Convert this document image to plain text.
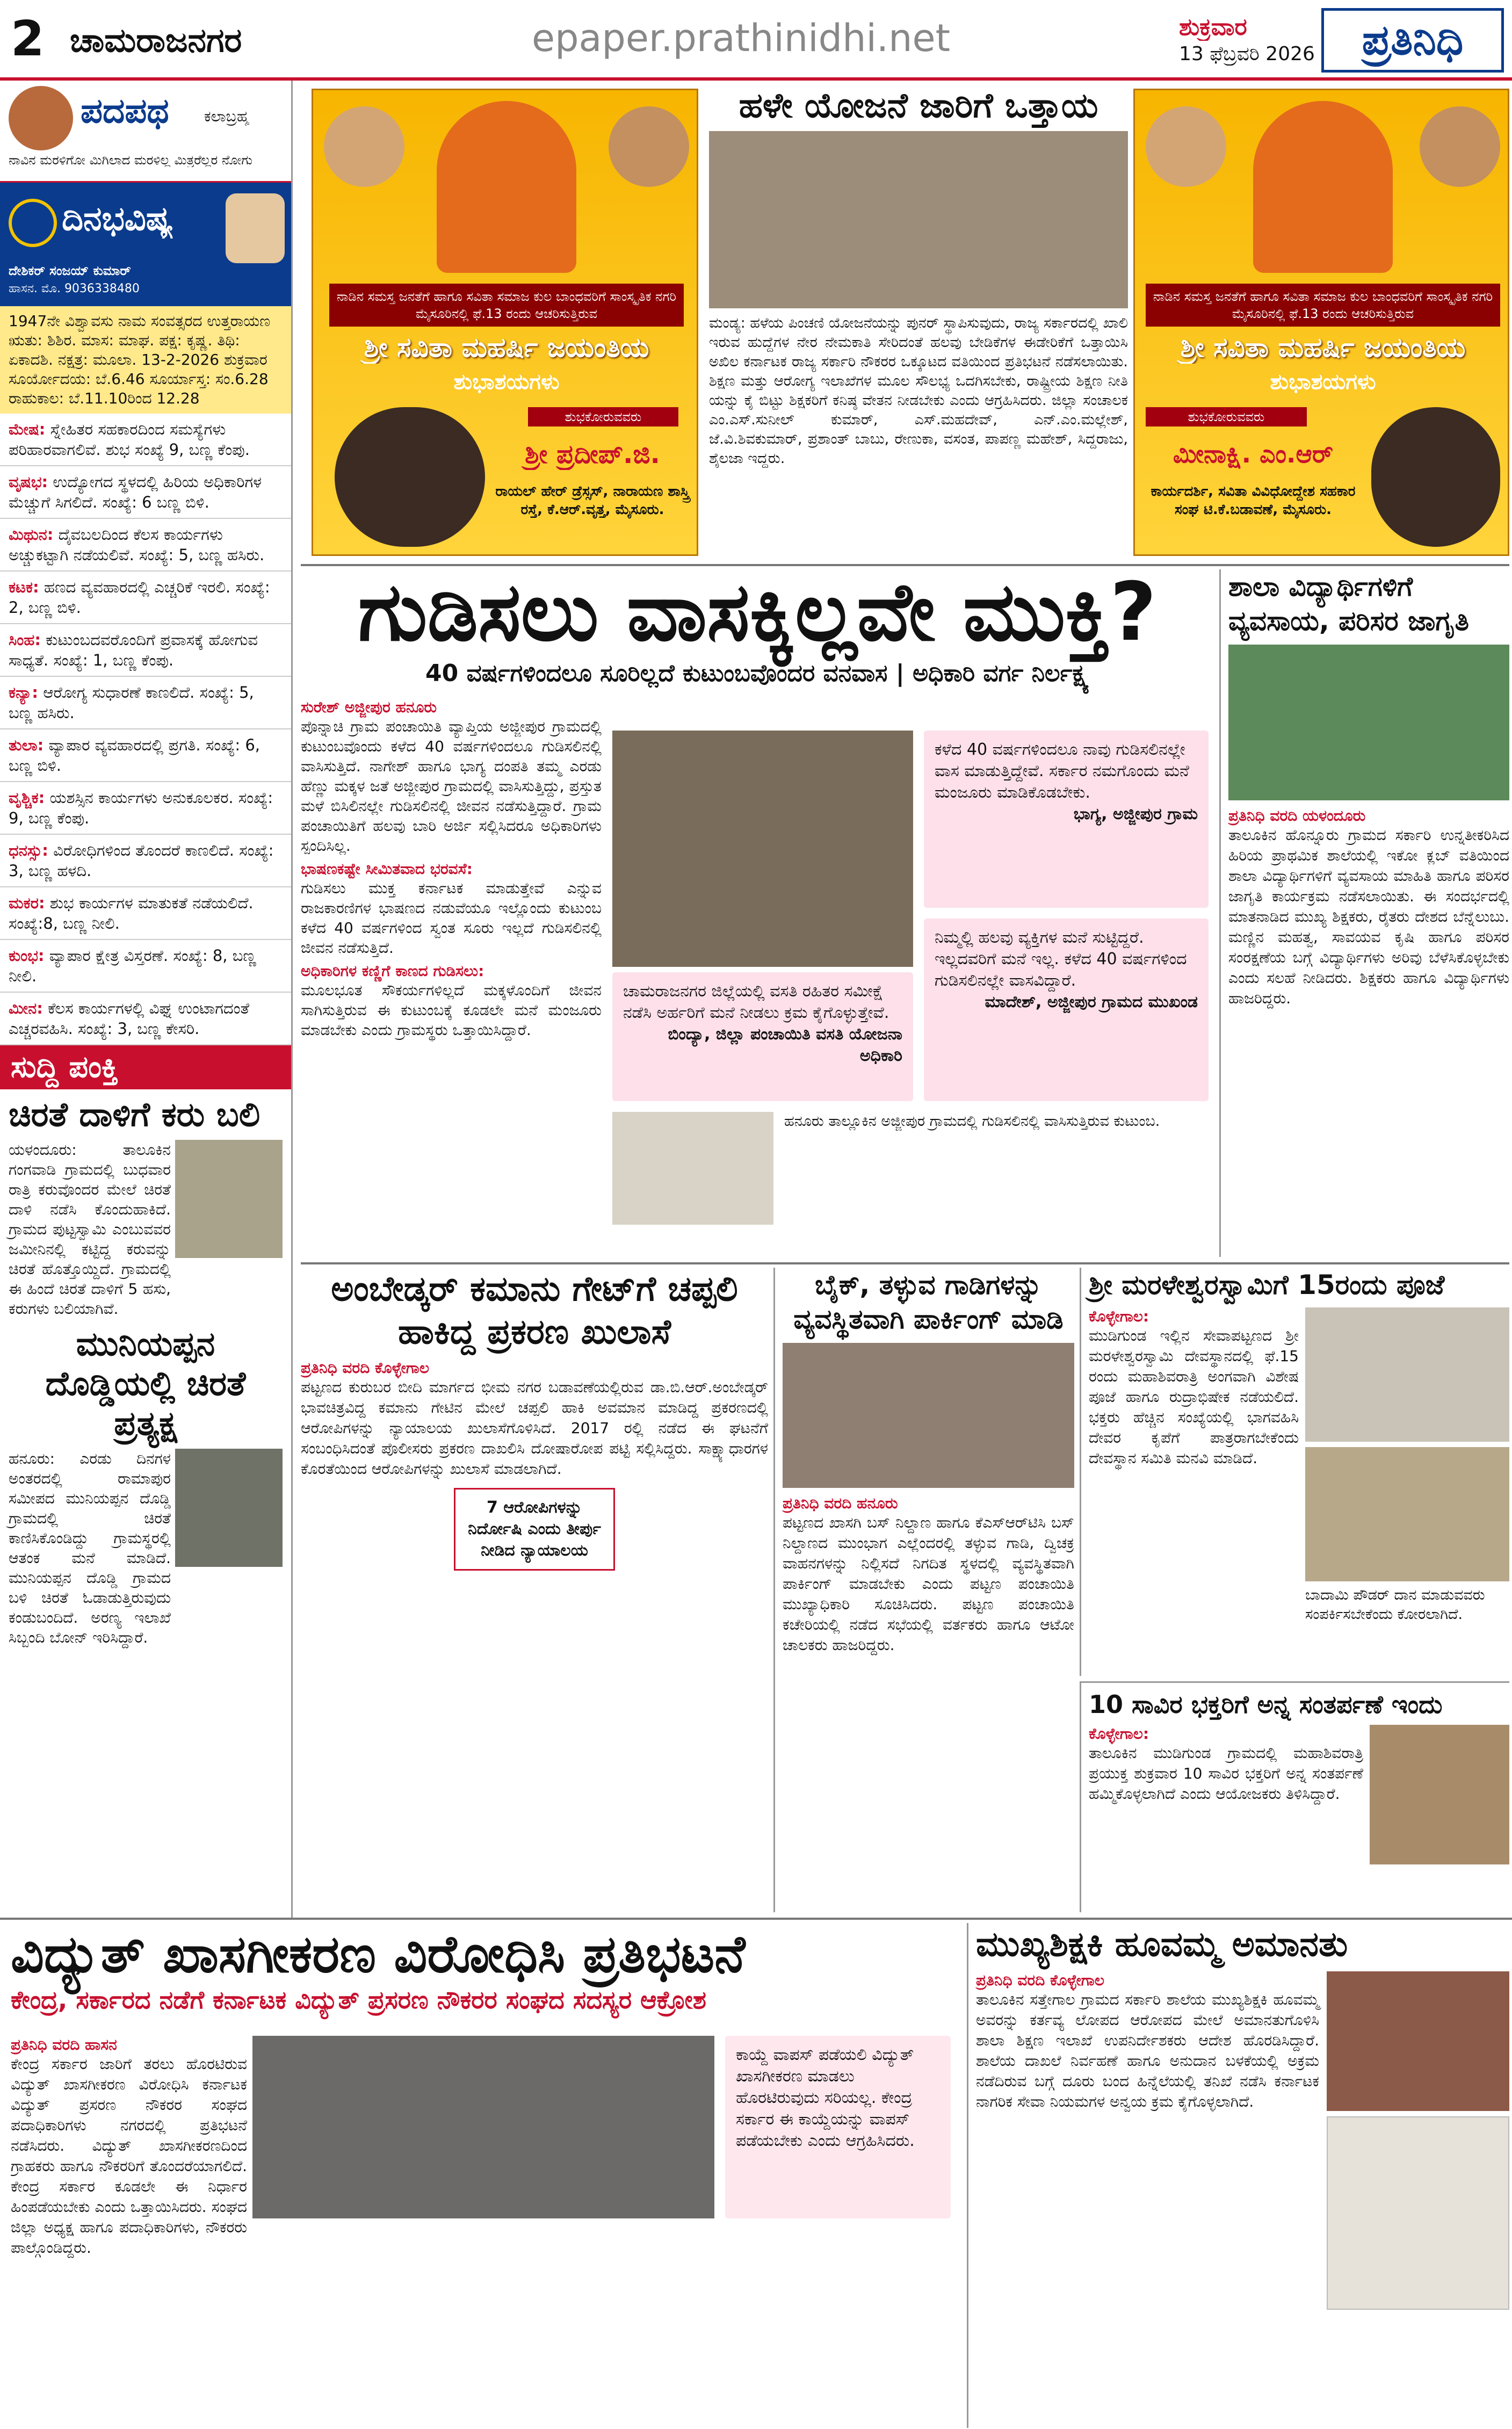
2 ಚಾಮರಾಜನಗರ	epaper.prathinidhi.net	ಶುಕ್ರವಾರ
13 ಫೆಬ್ರವರಿ 2026	ಪ್ರತಿನಿಧಿ
ಪದಪಥ ಕಲಾಬ್ರಹ್ಮ
ನಾವಿನ ಮರಳಿಗೋ ಮಿಗಿಲಾದ ಮರಳಿಲ್ಲ ಮಿತ್ರರೆಲ್ಲರ ನೋಗು
ದಿನಭವಿಷ್ಯ
ದೇಶಿಕರ್ ಸಂಜಯ್ ಕುಮಾರ್
ಹಾಸನ. ಮೊ. 9036338480
1947ನೇ ವಿಶ್ವಾವಸು ನಾಮ ಸಂವತ್ಸರದ ಉತ್ತರಾಯಣ ಋತು: ಶಿಶಿರ. ಮಾಸ: ಮಾಘ. ಪಕ್ಷ: ಕೃಷ್ಣ. ತಿಥಿ: ಏಕಾದಶಿ. ನಕ್ಷತ್ರ: ಮೂಲಾ. 13-2-2026 ಶುಕ್ರವಾರ ಸೂರ್ಯೋದಯ: ಬೆ.6.46 ಸೂರ್ಯಾಸ್ತ: ಸಂ.6.28 ರಾಹುಕಾಲ: ಬೆ.11.10ರಿಂದ 12.28
ಮೇಷ: ಸ್ನೇಹಿತರ ಸಹಕಾರದಿಂದ ಸಮಸ್ಯೆಗಳು ಪರಿಹಾರವಾಗಲಿವೆ. ಶುಭ ಸಂಖ್ಯೆ 9, ಬಣ್ಣ ಕೆಂಪು.
ವೃಷಭ: ಉದ್ಯೋಗದ ಸ್ಥಳದಲ್ಲಿ ಹಿರಿಯ ಅಧಿಕಾರಿಗಳ ಮೆಚ್ಚುಗೆ ಸಿಗಲಿದೆ. ಸಂಖ್ಯೆ: 6 ಬಣ್ಣ ಬಿಳಿ.
ಮಿಥುನ: ದೈವಬಲದಿಂದ ಕೆಲಸ ಕಾರ್ಯಗಳು ಅಚ್ಚುಕಟ್ಟಾಗಿ ನಡೆಯಲಿವೆ. ಸಂಖ್ಯೆ: 5, ಬಣ್ಣ ಹಸಿರು.
ಕಟಕ: ಹಣದ ವ್ಯವಹಾರದಲ್ಲಿ ಎಚ್ಚರಿಕೆ ಇರಲಿ. ಸಂಖ್ಯೆ: 2, ಬಣ್ಣ ಬಿಳಿ.
ಸಿಂಹ: ಕುಟುಂಬದವರೊಂದಿಗೆ ಪ್ರವಾಸಕ್ಕೆ ಹೋಗುವ ಸಾಧ್ಯತೆ. ಸಂಖ್ಯೆ: 1, ಬಣ್ಣ ಕೆಂಪು.
ಕನ್ಯಾ: ಆರೋಗ್ಯ ಸುಧಾರಣೆ ಕಾಣಲಿದೆ. ಸಂಖ್ಯೆ: 5, ಬಣ್ಣ ಹಸಿರು.
ತುಲಾ: ವ್ಯಾಪಾರ ವ್ಯವಹಾರದಲ್ಲಿ ಪ್ರಗತಿ. ಸಂಖ್ಯೆ: 6, ಬಣ್ಣ ಬಿಳಿ.
ವೃಶ್ಚಿಕ: ಯಶಸ್ಸಿನ ಕಾರ್ಯಗಳು ಅನುಕೂಲಕರ. ಸಂಖ್ಯೆ: 9, ಬಣ್ಣ ಕೆಂಪು.
ಧನಸ್ಸು: ವಿರೋಧಿಗಳಿಂದ ತೊಂದರೆ ಕಾಣಲಿದೆ. ಸಂಖ್ಯೆ: 3, ಬಣ್ಣ ಹಳದಿ.
ಮಕರ: ಶುಭ ಕಾರ್ಯಗಳ ಮಾತುಕತೆ ನಡೆಯಲಿದೆ. ಸಂಖ್ಯೆ:8, ಬಣ್ಣ ನೀಲಿ.
ಕುಂಭ: ವ್ಯಾಪಾರ ಕ್ಷೇತ್ರ ವಿಸ್ತರಣೆ. ಸಂಖ್ಯೆ: 8, ಬಣ್ಣ ನೀಲಿ.
ಮೀನ: ಕೆಲಸ ಕಾರ್ಯಗಳಲ್ಲಿ ವಿಘ್ನ ಉಂಟಾಗದಂತೆ ಎಚ್ಚರವಹಿಸಿ. ಸಂಖ್ಯೆ: 3, ಬಣ್ಣ ಕೇಸರಿ.
ಸುದ್ದಿ ಪಂಕ್ತಿ
ಚಿರತೆ ದಾಳಿಗೆ ಕರು ಬಲಿ
ಯಳಂದೂರು: ತಾಲೂಕಿನ ಗಂಗವಾಡಿ ಗ್ರಾಮದಲ್ಲಿ ಬುಧವಾರ ರಾತ್ರಿ ಕರುವೊಂದರ ಮೇಲೆ ಚಿರತೆ ದಾಳಿ ನಡೆಸಿ ಕೊಂದುಹಾಕಿದೆ. ಗ್ರಾಮದ ಪುಟ್ಟಸ್ವಾಮಿ ಎಂಬುವವರ ಜಮೀನಿನಲ್ಲಿ ಕಟ್ಟಿದ್ದ ಕರುವನ್ನು ಚಿರತೆ ಹೊತ್ತೊಯ್ದಿದೆ. ಗ್ರಾಮದಲ್ಲಿ ಈ ಹಿಂದೆ ಚಿರತೆ ದಾಳಿಗೆ 5 ಹಸು, ಕರುಗಳು ಬಲಿಯಾಗಿವೆ.
ಮುನಿಯಪ್ಪನ ದೊಡ್ಡಿಯಲ್ಲಿ ಚಿರತೆ ಪ್ರತ್ಯಕ್ಷ
ಹನೂರು: ಎರಡು ದಿನಗಳ ಅಂತರದಲ್ಲಿ ರಾಮಾಪುರ ಸಮೀಪದ ಮುನಿಯಪ್ಪನ ದೊಡ್ಡಿ ಗ್ರಾಮದಲ್ಲಿ ಚಿರತೆ ಕಾಣಿಸಿಕೊಂಡಿದ್ದು ಗ್ರಾಮಸ್ಥರಲ್ಲಿ ಆತಂಕ ಮನೆ ಮಾಡಿದೆ. ಮುನಿಯಪ್ಪನ ದೊಡ್ಡಿ ಗ್ರಾಮದ ಬಳಿ ಚಿರತೆ ಓಡಾಡುತ್ತಿರುವುದು ಕಂಡುಬಂದಿದೆ. ಅರಣ್ಯ ಇಲಾಖೆ ಸಿಬ್ಬಂದಿ ಬೋನ್ ಇರಿಸಿದ್ದಾರೆ.
ನಾಡಿನ ಸಮಸ್ತ ಜನತೆಗೆ ಹಾಗೂ ಸವಿತಾ ಸಮಾಜ ಕುಲ ಬಾಂಧವರಿಗೆ ಸಾಂಸ್ಕೃತಿಕ ನಗರಿ ಮೈಸೂರಿನಲ್ಲಿ ಫೆ.13 ರಂದು ಆಚರಿಸುತ್ತಿರುವ
ಶ್ರೀ ಸವಿತಾ ಮಹರ್ಷಿ ಜಯಂತಿಯ
ಶುಭಾಶಯಗಳು
ಶುಭಕೋರುವವರು
ಶ್ರೀ ಪ್ರದೀಪ್.ಜಿ.
ರಾಯಲ್ ಹೇರ್ ಡ್ರೆಸ್ಸಸ್, ನಾರಾಯಣ ಶಾಸ್ತ್ರಿ ರಸ್ತೆ, ಕೆ.ಆರ್.ವೃತ್ತ, ಮೈಸೂರು.
ಹಳೇ ಯೋಜನೆ ಜಾರಿಗೆ ಒತ್ತಾಯ
ಮಂಡ್ಯ: ಹಳೆಯ ಪಿಂಚಣಿ ಯೋಜನೆಯನ್ನು ಪುನರ್ ಸ್ಥಾಪಿಸುವುದು, ರಾಜ್ಯ ಸರ್ಕಾರದಲ್ಲಿ ಖಾಲಿ ಇರುವ ಹುದ್ದೆಗಳ ನೇರ ನೇಮಕಾತಿ ಸೇರಿದಂತೆ ಹಲವು ಬೇಡಿಕೆಗಳ ಈಡೇರಿಕೆಗೆ ಒತ್ತಾಯಿಸಿ ಅಖಿಲ ಕರ್ನಾಟಕ ರಾಜ್ಯ ಸರ್ಕಾರಿ ನೌಕರರ ಒಕ್ಕೂಟದ ವತಿಯಿಂದ ಪ್ರತಿಭಟನೆ ನಡೆಸಲಾಯಿತು. ಶಿಕ್ಷಣ ಮತ್ತು ಆರೋಗ್ಯ ಇಲಾಖೆಗಳ ಮೂಲ ಸೌಲಭ್ಯ ಒದಗಿಸಬೇಕು, ರಾಷ್ಟ್ರೀಯ ಶಿಕ್ಷಣ ನೀತಿ ಯನ್ನು ಕೈ ಬಿಟ್ಟು ಶಿಕ್ಷಕರಿಗೆ ಕನಿಷ್ಠ ವೇತನ ನೀಡಬೇಕು ಎಂದು ಆಗ್ರಹಿಸಿದರು. ಜಿಲ್ಲಾ ಸಂಚಾಲಕ ಎಂ.ಎಸ್.ಸುನೀಲ್ ಕುಮಾರ್, ಎಸ್.ಮಹದೇವ್, ಎನ್.ಎಂ.ಮಲ್ಲೇಶ್, ಜೆ.ವಿ.ಶಿವಕುಮಾರ್, ಪ್ರಶಾಂತ್ ಬಾಬು, ರೇಣುಕಾ, ವಸಂತ, ಪಾಪಣ್ಣ ಮಹೇಶ್, ಸಿದ್ದರಾಜು, ಶೈಲಜಾ ಇದ್ದರು.
ನಾಡಿನ ಸಮಸ್ತ ಜನತೆಗೆ ಹಾಗೂ ಸವಿತಾ ಸಮಾಜ ಕುಲ ಬಾಂಧವರಿಗೆ ಸಾಂಸ್ಕೃತಿಕ ನಗರಿ ಮೈಸೂರಿನಲ್ಲಿ ಫೆ.13 ರಂದು ಆಚರಿಸುತ್ತಿರುವ
ಶ್ರೀ ಸವಿತಾ ಮಹರ್ಷಿ ಜಯಂತಿಯ
ಶುಭಾಶಯಗಳು
ಶುಭಕೋರುವವರು
ಮೀನಾಕ್ಷಿ. ಎಂ.ಆರ್
ಕಾರ್ಯದರ್ಶಿ, ಸವಿತಾ ವಿವಿಧೋದ್ದೇಶ ಸಹಕಾರ ಸಂಘ ಟಿ.ಕೆ.ಬಡಾವಣೆ, ಮೈಸೂರು.
ಗುಡಿಸಲು ವಾಸಕ್ಕಿಲ್ಲವೇ ಮುಕ್ತಿ?
40 ವರ್ಷಗಳಿಂದಲೂ ಸೂರಿಲ್ಲದೆ ಕುಟುಂಬವೊಂದರ ವನವಾಸ | ಅಧಿಕಾರಿ ವರ್ಗ ನಿರ್ಲಕ್ಷ್ಯ
ಸುರೇಶ್ ಅಜ್ಜೀಪುರ ಹನೂರು
ಪೊನ್ನಾಚಿ ಗ್ರಾಮ ಪಂಚಾಯಿತಿ ವ್ಯಾಪ್ತಿಯ ಅಜ್ಜೀಪುರ ಗ್ರಾಮದಲ್ಲಿ ಕುಟುಂಬವೊಂದು ಕಳೆದ 40 ವರ್ಷಗಳಿಂದಲೂ ಗುಡಿಸಲಿನಲ್ಲಿ ವಾಸಿಸುತ್ತಿದೆ. ನಾಗೇಶ್ ಹಾಗೂ ಭಾಗ್ಯ ದಂಪತಿ ತಮ್ಮ ಎರಡು ಹೆಣ್ಣು ಮಕ್ಕಳ ಜತೆ ಅಜ್ಜೀಪುರ ಗ್ರಾಮದಲ್ಲಿ ವಾಸಿಸುತ್ತಿದ್ದು, ಪ್ರಸ್ತುತ ಮಳೆ ಬಿಸಿಲಿನಲ್ಲೇ ಗುಡಿಸಲಿನಲ್ಲಿ ಜೀವನ ನಡೆಸುತ್ತಿದ್ದಾರೆ. ಗ್ರಾಮ ಪಂಚಾಯಿತಿಗೆ ಹಲವು ಬಾರಿ ಅರ್ಜಿ ಸಲ್ಲಿಸಿದರೂ ಅಧಿಕಾರಿಗಳು ಸ್ಪಂದಿಸಿಲ್ಲ.
ಭಾಷಣಕಷ್ಟೇ ಸೀಮಿತವಾದ ಭರವಸೆ:
ಗುಡಿಸಲು ಮುಕ್ತ ಕರ್ನಾಟಕ ಮಾಡುತ್ತೇವೆ ಎನ್ನುವ ರಾಜಕಾರಣಿಗಳ ಭಾಷಣದ ನಡುವೆಯೂ ಇಲ್ಲೊಂದು ಕುಟುಂಬ ಕಳೆದ 40 ವರ್ಷಗಳಿಂದ ಸ್ವಂತ ಸೂರು ಇಲ್ಲದೆ ಗುಡಿಸಲಿನಲ್ಲಿ ಜೀವನ ನಡೆಸುತ್ತಿದೆ.
ಅಧಿಕಾರಿಗಳ ಕಣ್ಣಿಗೆ ಕಾಣದ ಗುಡಿಸಲು:
ಮೂಲಭೂತ ಸೌಕರ್ಯಗಳಿಲ್ಲದೆ ಮಕ್ಕಳೊಂದಿಗೆ ಜೀವನ ಸಾಗಿಸುತ್ತಿರುವ ಈ ಕುಟುಂಬಕ್ಕೆ ಕೂಡಲೇ ಮನೆ ಮಂಜೂರು ಮಾಡಬೇಕು ಎಂದು ಗ್ರಾಮಸ್ಥರು ಒತ್ತಾಯಿಸಿದ್ದಾರೆ.
ಚಾಮರಾಜನಗರ ಜಿಲ್ಲೆಯಲ್ಲಿ ವಸತಿ ರಹಿತರ ಸಮೀಕ್ಷೆ ನಡೆಸಿ ಅರ್ಹರಿಗೆ ಮನೆ ನೀಡಲು ಕ್ರಮ ಕೈಗೊಳ್ಳುತ್ತೇವೆ.
ಬಿಂದ್ಯಾ, ಜಿಲ್ಲಾ ಪಂಚಾಯಿತಿ ವಸತಿ ಯೋಜನಾ ಅಧಿಕಾರಿ
ಕಳೆದ 40 ವರ್ಷಗಳಿಂದಲೂ ನಾವು ಗುಡಿಸಲಿನಲ್ಲೇ ವಾಸ ಮಾಡುತ್ತಿದ್ದೇವೆ. ಸರ್ಕಾರ ನಮಗೊಂದು ಮನೆ ಮಂಜೂರು ಮಾಡಿಕೊಡಬೇಕು.
ಭಾಗ್ಯ, ಅಜ್ಜೀಪುರ ಗ್ರಾಮ
ನಿಮ್ಮಲ್ಲಿ ಹಲವು ವ್ಯಕ್ತಿಗಳ ಮನೆ ಸುಟ್ಟಿದ್ದರೆ. ಇಲ್ಲದವರಿಗೆ ಮನೆ ಇಲ್ಲ. ಕಳೆದ 40 ವರ್ಷಗಳಿಂದ ಗುಡಿಸಲಿನಲ್ಲೇ ವಾಸವಿದ್ದಾರೆ.
ಮಾದೇಶ್, ಅಜ್ಜೀಪುರ ಗ್ರಾಮದ ಮುಖಂಡ
ಹನೂರು ತಾಲ್ಲೂಕಿನ ಅಜ್ಜೀಪುರ ಗ್ರಾಮದಲ್ಲಿ ಗುಡಿಸಲಿನಲ್ಲಿ ವಾಸಿಸುತ್ತಿರುವ ಕುಟುಂಬ.
ಶಾಲಾ ವಿದ್ಯಾರ್ಥಿಗಳಿಗೆ ವ್ಯವಸಾಯ, ಪರಿಸರ ಜಾಗೃತಿ
ಪ್ರತಿನಿಧಿ ವರದಿ ಯಳಂದೂರು
ತಾಲೂಕಿನ ಹೊನ್ನೂರು ಗ್ರಾಮದ ಸರ್ಕಾರಿ ಉನ್ನತೀಕರಿಸಿದ ಹಿರಿಯ ಪ್ರಾಥಮಿಕ ಶಾಲೆಯಲ್ಲಿ ಇಕೋ ಕ್ಲಬ್ ವತಿಯಿಂದ ಶಾಲಾ ವಿದ್ಯಾರ್ಥಿಗಳಿಗೆ ವ್ಯವಸಾಯ ಮಾಹಿತಿ ಹಾಗೂ ಪರಿಸರ ಜಾಗೃತಿ ಕಾರ್ಯಕ್ರಮ ನಡೆಸಲಾಯಿತು. ಈ ಸಂದರ್ಭದಲ್ಲಿ ಮಾತನಾಡಿದ ಮುಖ್ಯ ಶಿಕ್ಷಕರು, ರೈತರು ದೇಶದ ಬೆನ್ನೆಲುಬು. ಮಣ್ಣಿನ ಮಹತ್ವ, ಸಾವಯವ ಕೃಷಿ ಹಾಗೂ ಪರಿಸರ ಸಂರಕ್ಷಣೆಯ ಬಗ್ಗೆ ವಿದ್ಯಾರ್ಥಿಗಳು ಅರಿವು ಬೆಳೆಸಿಕೊಳ್ಳಬೇಕು ಎಂದು ಸಲಹೆ ನೀಡಿದರು. ಶಿಕ್ಷಕರು ಹಾಗೂ ವಿದ್ಯಾರ್ಥಿಗಳು ಹಾಜರಿದ್ದರು.
ಅಂಬೇಡ್ಕರ್ ಕಮಾನು ಗೇಟ್‌ಗೆ ಚಪ್ಪಲಿ ಹಾಕಿದ್ದ ಪ್ರಕರಣ ಖುಲಾಸೆ
ಪ್ರತಿನಿಧಿ ವರದಿ ಕೊಳ್ಳೇಗಾಲ
ಪಟ್ಟಣದ ಕುರುಬರ ಬೀದಿ ಮಾರ್ಗದ ಭೀಮ ನಗರ ಬಡಾವಣೆಯಲ್ಲಿರುವ ಡಾ.ಬಿ.ಆರ್.ಅಂಬೇಡ್ಕರ್ ಭಾವಚಿತ್ರವಿದ್ದ ಕಮಾನು ಗೇಟಿನ ಮೇಲೆ ಚಪ್ಪಲಿ ಹಾಕಿ ಅವಮಾನ ಮಾಡಿದ್ದ ಪ್ರಕರಣದಲ್ಲಿ ಆರೋಪಿಗಳನ್ನು ನ್ಯಾಯಾಲಯ ಖುಲಾಸೆಗೊಳಿಸಿದೆ. 2017 ರಲ್ಲಿ ನಡೆದ ಈ ಘಟನೆಗೆ ಸಂಬಂಧಿಸಿದಂತೆ ಪೊಲೀಸರು ಪ್ರಕರಣ ದಾಖಲಿಸಿ ದೋಷಾರೋಪ ಪಟ್ಟಿ ಸಲ್ಲಿಸಿದ್ದರು. ಸಾಕ್ಷ್ಯಾಧಾರಗಳ ಕೊರತೆಯಿಂದ ಆರೋಪಿಗಳನ್ನು ಖುಲಾಸೆ ಮಾಡಲಾಗಿದೆ.
7 ಆರೋಪಿಗಳನ್ನು ನಿರ್ದೋಷಿ ಎಂದು ತೀರ್ಪು ನೀಡಿದ ನ್ಯಾಯಾಲಯ
ಬೈಕ್, ತಳ್ಳುವ ಗಾಡಿಗಳನ್ನು ವ್ಯವಸ್ಥಿತವಾಗಿ ಪಾರ್ಕಿಂಗ್ ಮಾಡಿ
ಪ್ರತಿನಿಧಿ ವರದಿ ಹನೂರು
ಪಟ್ಟಣದ ಖಾಸಗಿ ಬಸ್ ನಿಲ್ದಾಣ ಹಾಗೂ ಕೆಎಸ್‌ಆರ್‌ಟಿಸಿ ಬಸ್ ನಿಲ್ದಾಣದ ಮುಂಭಾಗ ಎಲ್ಲೆಂದರಲ್ಲಿ ತಳ್ಳುವ ಗಾಡಿ, ದ್ವಿಚಕ್ರ ವಾಹನಗಳನ್ನು ನಿಲ್ಲಿಸದೆ ನಿಗದಿತ ಸ್ಥಳದಲ್ಲಿ ವ್ಯವಸ್ಥಿತವಾಗಿ ಪಾರ್ಕಿಂಗ್ ಮಾಡಬೇಕು ಎಂದು ಪಟ್ಟಣ ಪಂಚಾಯಿತಿ ಮುಖ್ಯಾಧಿಕಾರಿ ಸೂಚಿಸಿದರು. ಪಟ್ಟಣ ಪಂಚಾಯಿತಿ ಕಚೇರಿಯಲ್ಲಿ ನಡೆದ ಸಭೆಯಲ್ಲಿ ವರ್ತಕರು ಹಾಗೂ ಆಟೋ ಚಾಲಕರು ಹಾಜರಿದ್ದರು.
ಶ್ರೀ ಮರಳೇಶ್ವರಸ್ವಾಮಿಗೆ 15ರಂದು ಪೂಜೆ
ಕೊಳ್ಳೇಗಾಲ:
ಮುಡಿಗುಂಡ ಇಲ್ಲಿನ ಸೇವಾಪಟ್ಟಣದ ಶ್ರೀ ಮರಳೇಶ್ವರಸ್ವಾಮಿ ದೇವಸ್ಥಾನದಲ್ಲಿ ಫೆ.15 ರಂದು ಮಹಾಶಿವರಾತ್ರಿ ಅಂಗವಾಗಿ ವಿಶೇಷ ಪೂಜೆ ಹಾಗೂ ರುದ್ರಾಭಿಷೇಕ ನಡೆಯಲಿದೆ. ಭಕ್ತರು ಹೆಚ್ಚಿನ ಸಂಖ್ಯೆಯಲ್ಲಿ ಭಾಗವಹಿಸಿ ದೇವರ ಕೃಪೆಗೆ ಪಾತ್ರರಾಗಬೇಕೆಂದು ದೇವಸ್ಥಾನ ಸಮಿತಿ ಮನವಿ ಮಾಡಿದೆ.
ಬಾದಾಮಿ ಪೌಡರ್ ದಾನ ಮಾಡುವವರು ಸಂಪರ್ಕಿಸಬೇಕೆಂದು ಕೋರಲಾಗಿದೆ.
10 ಸಾವಿರ ಭಕ್ತರಿಗೆ ಅನ್ನ ಸಂತರ್ಪಣೆ ಇಂದು
ಕೊಳ್ಳೇಗಾಲ:
ತಾಲೂಕಿನ ಮುಡಿಗುಂಡ ಗ್ರಾಮದಲ್ಲಿ ಮಹಾಶಿವರಾತ್ರಿ ಪ್ರಯುಕ್ತ ಶುಕ್ರವಾರ 10 ಸಾವಿರ ಭಕ್ತರಿಗೆ ಅನ್ನ ಸಂತರ್ಪಣೆ ಹಮ್ಮಿಕೊಳ್ಳಲಾಗಿದೆ ಎಂದು ಆಯೋಜಕರು ತಿಳಿಸಿದ್ದಾರೆ.
ವಿದ್ಯುತ್ ಖಾಸಗೀಕರಣ ವಿರೋಧಿಸಿ ಪ್ರತಿಭಟನೆ
ಕೇಂದ್ರ, ಸರ್ಕಾರದ ನಡೆಗೆ ಕರ್ನಾಟಕ ವಿದ್ಯುತ್ ಪ್ರಸರಣ ನೌಕರರ ಸಂಘದ ಸದಸ್ಯರ ಆಕ್ರೋಶ
ಪ್ರತಿನಿಧಿ ವರದಿ ಹಾಸನ
ಕೇಂದ್ರ ಸರ್ಕಾರ ಜಾರಿಗೆ ತರಲು ಹೊರಟಿರುವ ವಿದ್ಯುತ್ ಖಾಸಗೀಕರಣ ವಿರೋಧಿಸಿ ಕರ್ನಾಟಕ ವಿದ್ಯುತ್ ಪ್ರಸರಣ ನೌಕರರ ಸಂಘದ ಪದಾಧಿಕಾರಿಗಳು ನಗರದಲ್ಲಿ ಪ್ರತಿಭಟನೆ ನಡೆಸಿದರು. ವಿದ್ಯುತ್ ಖಾಸಗೀಕರಣದಿಂದ ಗ್ರಾಹಕರು ಹಾಗೂ ನೌಕರರಿಗೆ ತೊಂದರೆಯಾಗಲಿದೆ. ಕೇಂದ್ರ ಸರ್ಕಾರ ಕೂಡಲೇ ಈ ನಿರ್ಧಾರ ಹಿಂಪಡೆಯಬೇಕು ಎಂದು ಒತ್ತಾಯಿಸಿದರು. ಸಂಘದ ಜಿಲ್ಲಾ ಅಧ್ಯಕ್ಷ ಹಾಗೂ ಪದಾಧಿಕಾರಿಗಳು, ನೌಕರರು ಪಾಲ್ಗೊಂಡಿದ್ದರು.
ಕಾಯ್ದೆ ವಾಪಸ್ ಪಡೆಯಲಿ ವಿದ್ಯುತ್ ಖಾಸಗೀಕರಣ ಮಾಡಲು ಹೊರಟಿರುವುದು ಸರಿಯಲ್ಲ. ಕೇಂದ್ರ ಸರ್ಕಾರ ಈ ಕಾಯ್ದೆಯನ್ನು ವಾಪಸ್ ಪಡೆಯಬೇಕು ಎಂದು ಆಗ್ರಹಿಸಿದರು.
ಮುಖ್ಯಶಿಕ್ಷಕಿ ಹೂವಮ್ಮ ಅಮಾನತು
ಪ್ರತಿನಿಧಿ ವರದಿ ಕೊಳ್ಳೇಗಾಲ
ತಾಲೂಕಿನ ಸತ್ತೇಗಾಲ ಗ್ರಾಮದ ಸರ್ಕಾರಿ ಶಾಲೆಯ ಮುಖ್ಯಶಿಕ್ಷಕಿ ಹೂವಮ್ಮ ಅವರನ್ನು ಕರ್ತವ್ಯ ಲೋಪದ ಆರೋಪದ ಮೇಲೆ ಅಮಾನತುಗೊಳಿಸಿ ಶಾಲಾ ಶಿಕ್ಷಣ ಇಲಾಖೆ ಉಪನಿರ್ದೇಶಕರು ಆದೇಶ ಹೊರಡಿಸಿದ್ದಾರೆ. ಶಾಲೆಯ ದಾಖಲೆ ನಿರ್ವಹಣೆ ಹಾಗೂ ಅನುದಾನ ಬಳಕೆಯಲ್ಲಿ ಅಕ್ರಮ ನಡೆದಿರುವ ಬಗ್ಗೆ ದೂರು ಬಂದ ಹಿನ್ನೆಲೆಯಲ್ಲಿ ತನಿಖೆ ನಡೆಸಿ ಕರ್ನಾಟಕ ನಾಗರಿಕ ಸೇವಾ ನಿಯಮಗಳ ಅನ್ವಯ ಕ್ರಮ ಕೈಗೊಳ್ಳಲಾಗಿದೆ.
